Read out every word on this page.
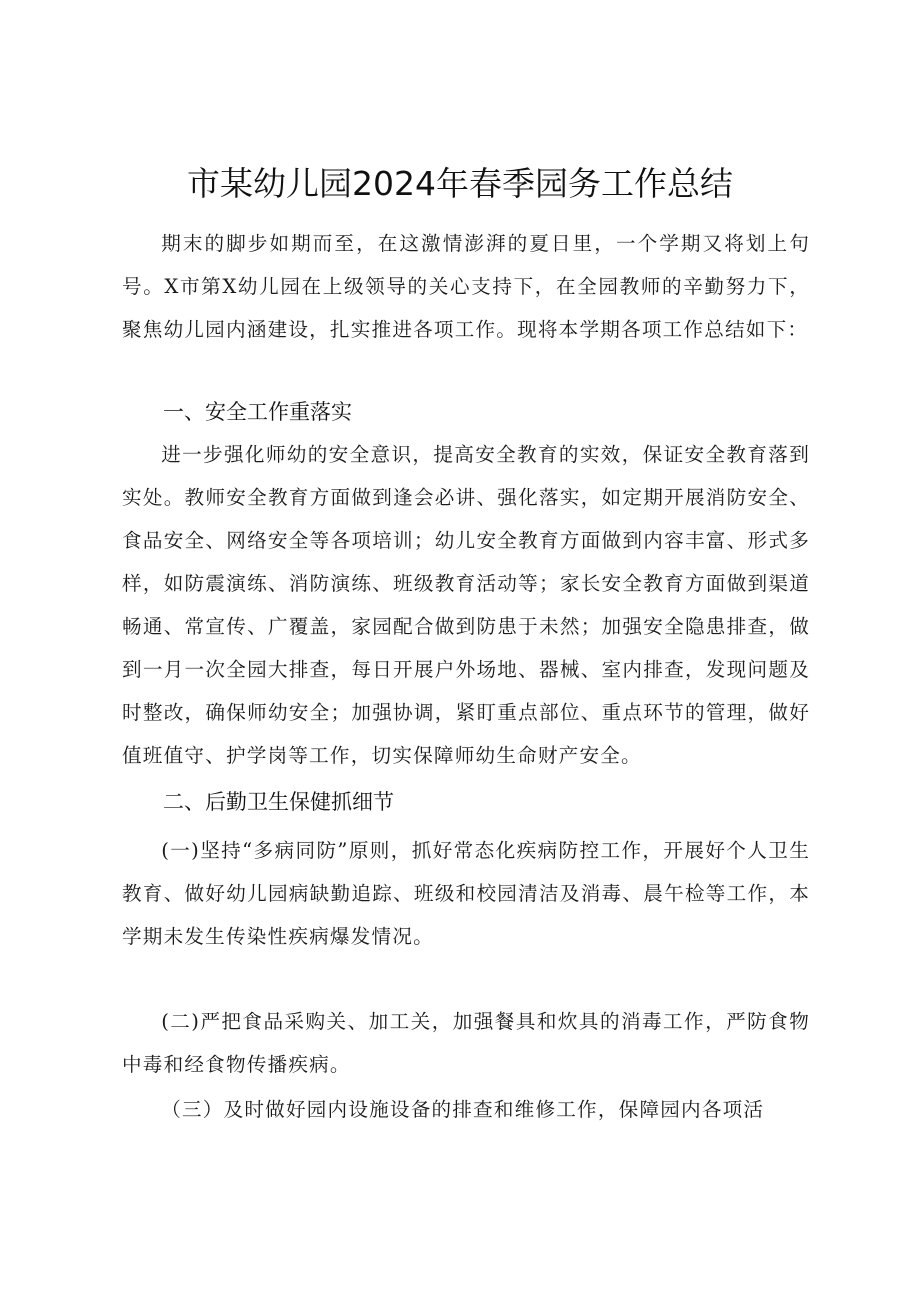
市某幼儿园2024年春季园务工作总结

期末的脚步如期而至，在这激情澎湃的夏日里，一个学期又将划上句号。X市第X幼儿园在上级领导的关心支持下，在全园教师的辛勤努力下，聚焦幼儿园内涵建设，扎实推进各项工作。现将本学期各项工作总结如下：

一、安全工作重落实

进一步强化师幼的安全意识，提高安全教育的实效，保证安全教育落到实处。教师安全教育方面做到逢会必讲、强化落实，如定期开展消防安全、食品安全、网络安全等各项培训；幼儿安全教育方面做到内容丰富、形式多样，如防震演练、消防演练、班级教育活动等；家长安全教育方面做到渠道畅通、常宣传、广覆盖，家园配合做到防患于未然；加强安全隐患排查，做到一月一次全园大排查，每日开展户外场地、器械、室内排查，发现问题及时整改，确保师幼安全；加强协调，紧盯重点部位、重点环节的管理，做好值班值守、护学岗等工作，切实保障师幼生命财产安全。

二、后勤卫生保健抓细节

(一)坚持“多病同防”原则，抓好常态化疾病防控工作，开展好个人卫生教育、做好幼儿园病缺勤追踪、班级和校园清洁及消毒、晨午检等工作，本学期未发生传染性疾病爆发情况。

(二)严把食品采购关、加工关，加强餐具和炊具的消毒工作，严防食物中毒和经食物传播疾病。

（三）及时做好园内设施设备的排查和维修工作，保障园内各项活
